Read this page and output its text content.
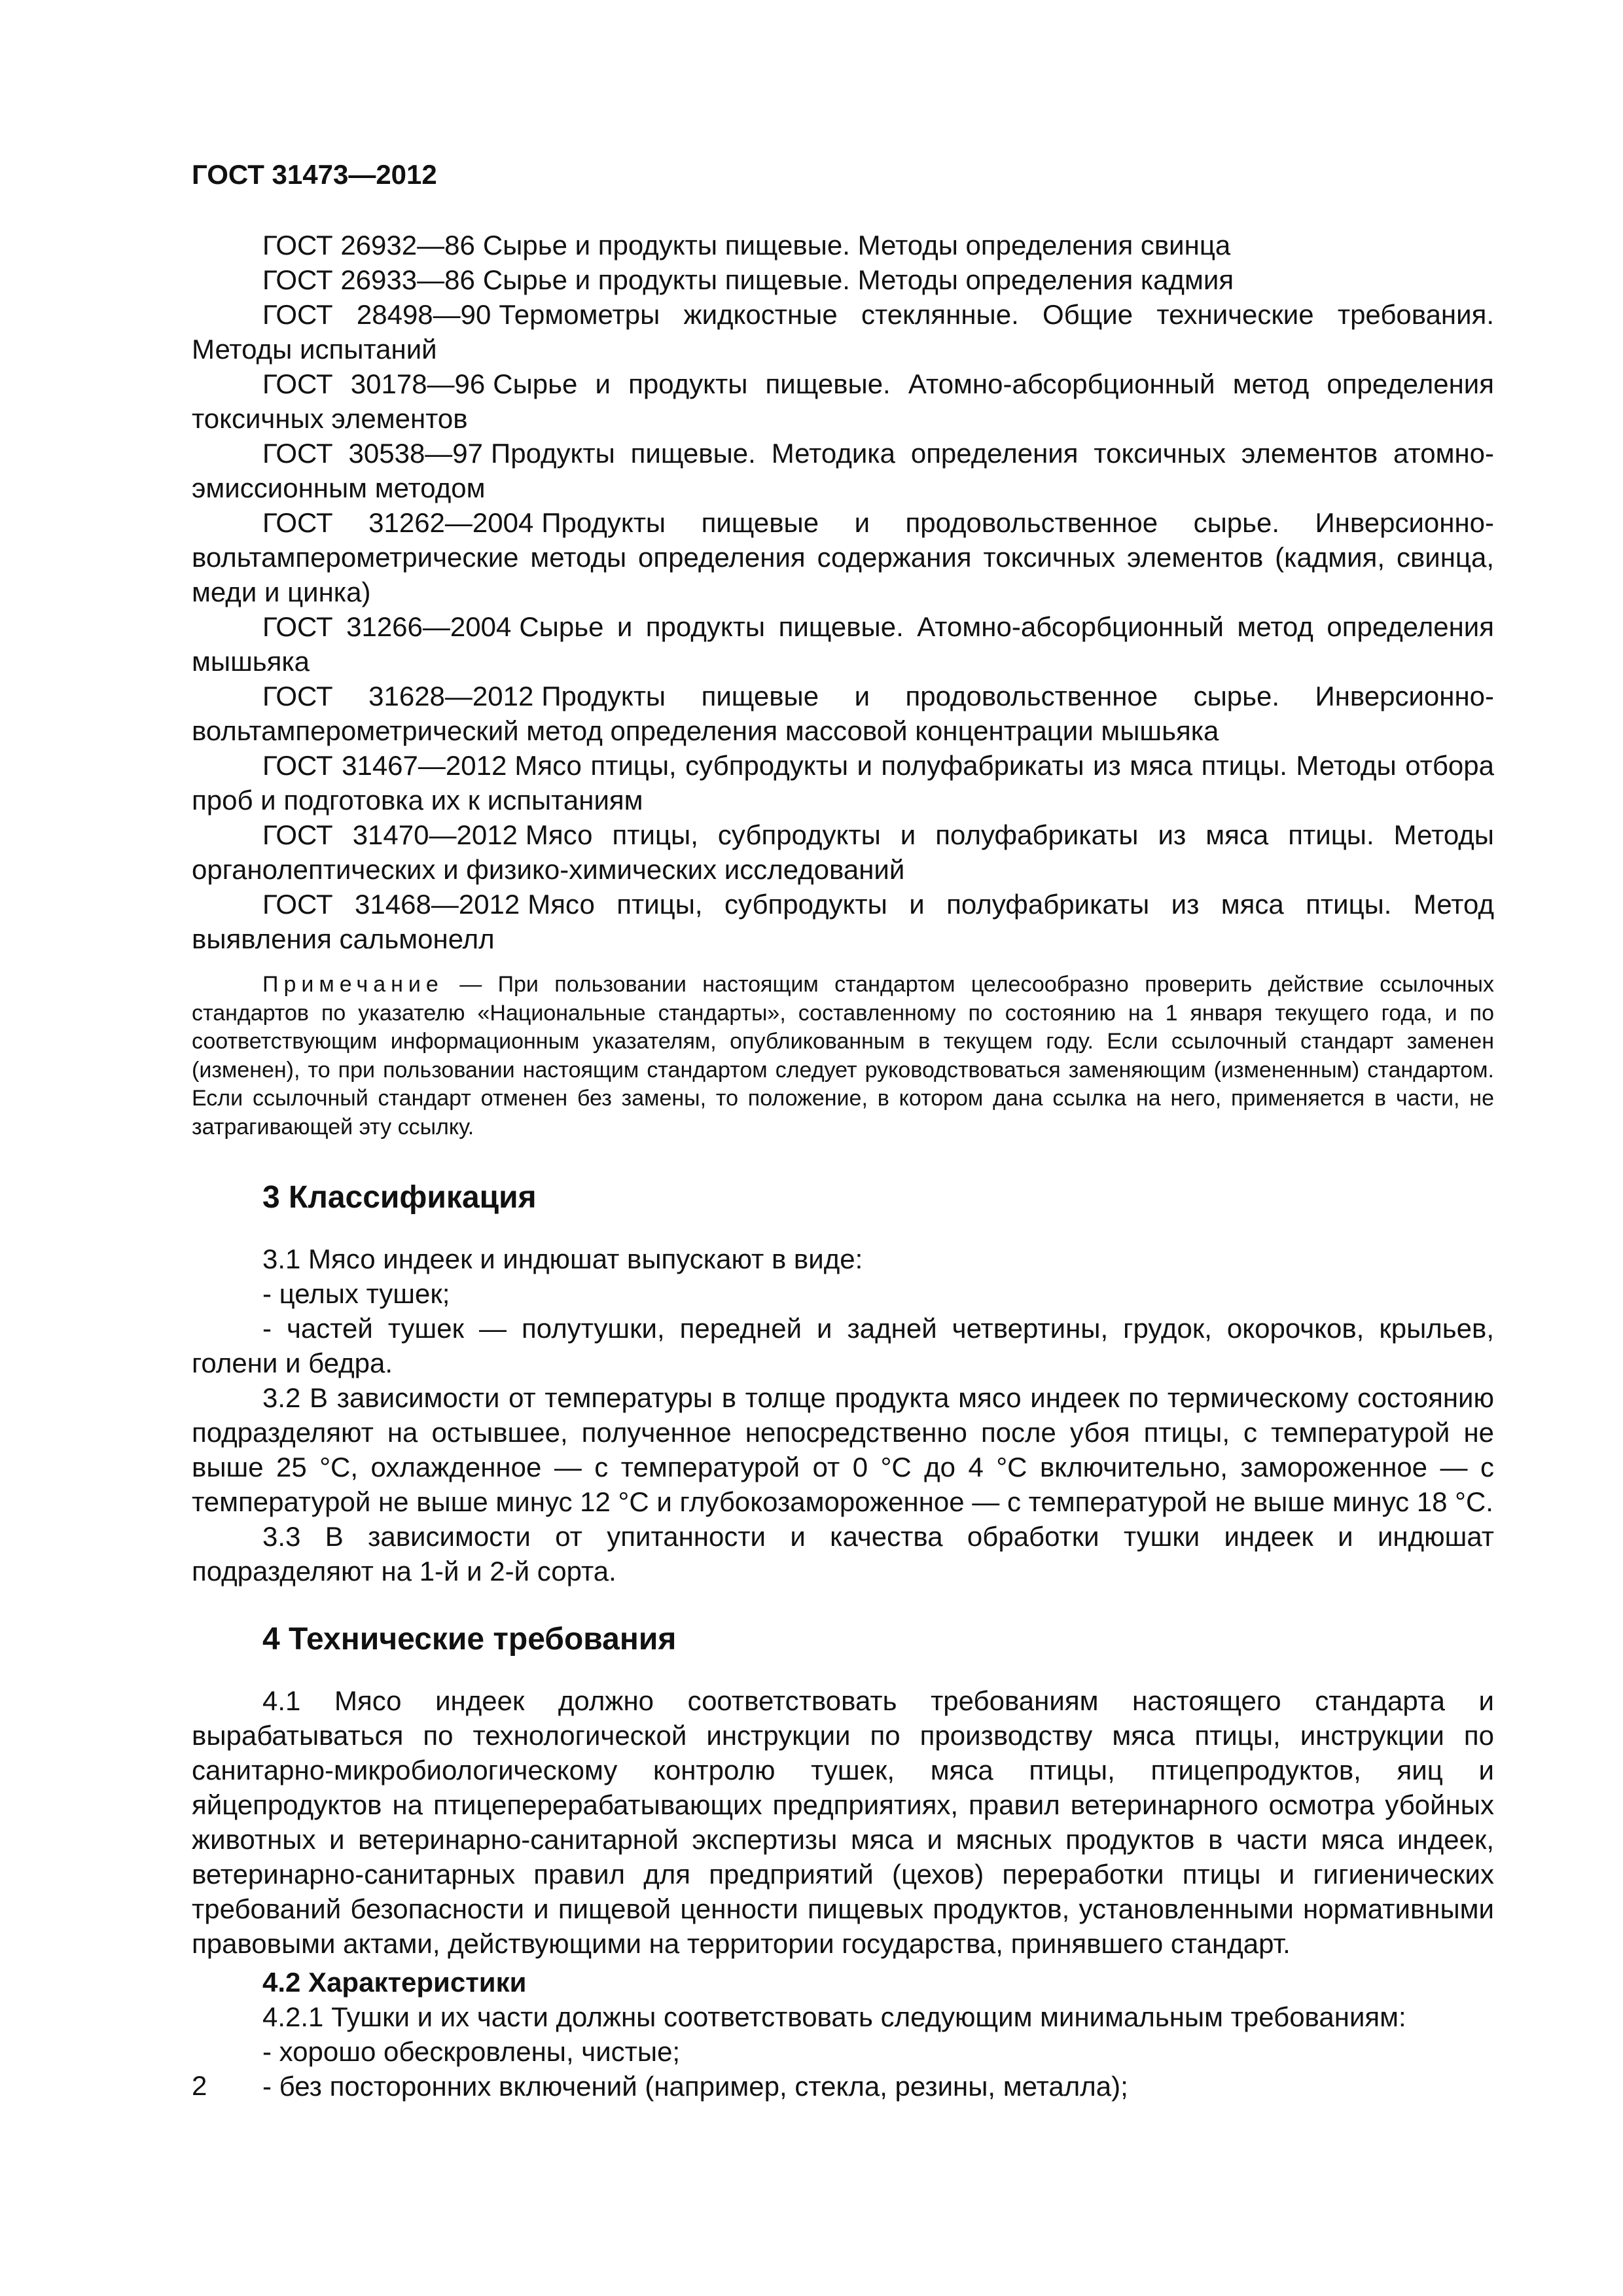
ГОСТ 31473—2012

ГОСТ 26932—86 Сырье и продукты пищевые. Методы определения свинца

ГОСТ 26933—86 Сырье и продукты пищевые. Методы определения кадмия

ГОСТ 28498—90 Термометры жидкостные стеклянные. Общие технические требования. Методы испытаний

ГОСТ 30178—96 Сырье и продукты пищевые. Атомно-абсорбционный метод определения токсичных элементов

ГОСТ 30538—97 Продукты пищевые. Методика определения токсичных элементов атомно-эмиссионным методом

ГОСТ 31262—2004 Продукты пищевые и продовольственное сырье. Инверсионно-вольтамперометрические методы определения содержания токсичных элементов (кадмия, свинца, меди и цинка)

ГОСТ 31266—2004 Сырье и продукты пищевые. Атомно-абсорбционный метод определения мышьяка

ГОСТ 31628—2012 Продукты пищевые и продовольственное сырье. Инверсионно-вольтамперометрический метод определения массовой концентрации мышьяка

ГОСТ 31467—2012 Мясо птицы, субпродукты и полуфабрикаты из мяса птицы. Методы отбора проб и подготовка их к испытаниям

ГОСТ 31470—2012 Мясо птицы, субпродукты и полуфабрикаты из мяса птицы. Методы органолептических и физико-химических исследований

ГОСТ 31468—2012 Мясо птицы, субпродукты и полуфабрикаты из мяса птицы. Метод выявления сальмонелл

Примечание — При пользовании настоящим стандартом целесообразно проверить действие ссылочных стандартов по указателю «Национальные стандарты», составленному по состоянию на 1 января текущего года, и по соответствующим информационным указателям, опубликованным в текущем году. Если ссылочный стандарт заменен (изменен), то при пользовании настоящим стандартом следует руководствоваться заменяющим (измененным) стандартом. Если ссылочный стандарт отменен без замены, то положение, в котором дана ссылка на него, применяется в части, не затрагивающей эту ссылку.

3 Классификация

3.1 Мясо индеек и индюшат выпускают в виде:

- целых тушек;

- частей тушек — полутушки, передней и задней четвертины, грудок, окорочков, крыльев, голени и бедра.

3.2 В зависимости от температуры в толще продукта мясо индеек по термическому состоянию подразделяют на остывшее, полученное непосредственно после убоя птицы, с температурой не выше 25 °С, охлажденное — с температурой от 0 °С до 4 °С включительно, замороженное — с температурой не выше минус 12 °С и глубокозамороженное — с температурой не выше минус 18 °С.

3.3 В зависимости от упитанности и качества обработки тушки индеек и индюшат подразделяют на 1-й и 2-й сорта.

4 Технические требования

4.1 Мясо индеек должно соответствовать требованиям настоящего стандарта и вырабатываться по технологической инструкции по производству мяса птицы, инструкции по санитарно-микробиологическому контролю тушек, мяса птицы, птицепродуктов, яиц и яйцепродуктов на птицеперерабатывающих предприятиях, правил ветеринарного осмотра убойных животных и ветеринарно-санитарной экспертизы мяса и мясных продуктов в части мяса индеек, ветеринарно-санитарных правил для предприятий (цехов) переработки птицы и гигиенических требований безопасности и пищевой ценности пищевых продуктов, установленными нормативными правовыми актами, действующими на территории государства, принявшего стандарт.

4.2 Характеристики

4.2.1 Тушки и их части должны соответствовать следующим минимальным требованиям:

- хорошо обескровлены, чистые;

- без посторонних включений (например, стекла, резины, металла);

2
